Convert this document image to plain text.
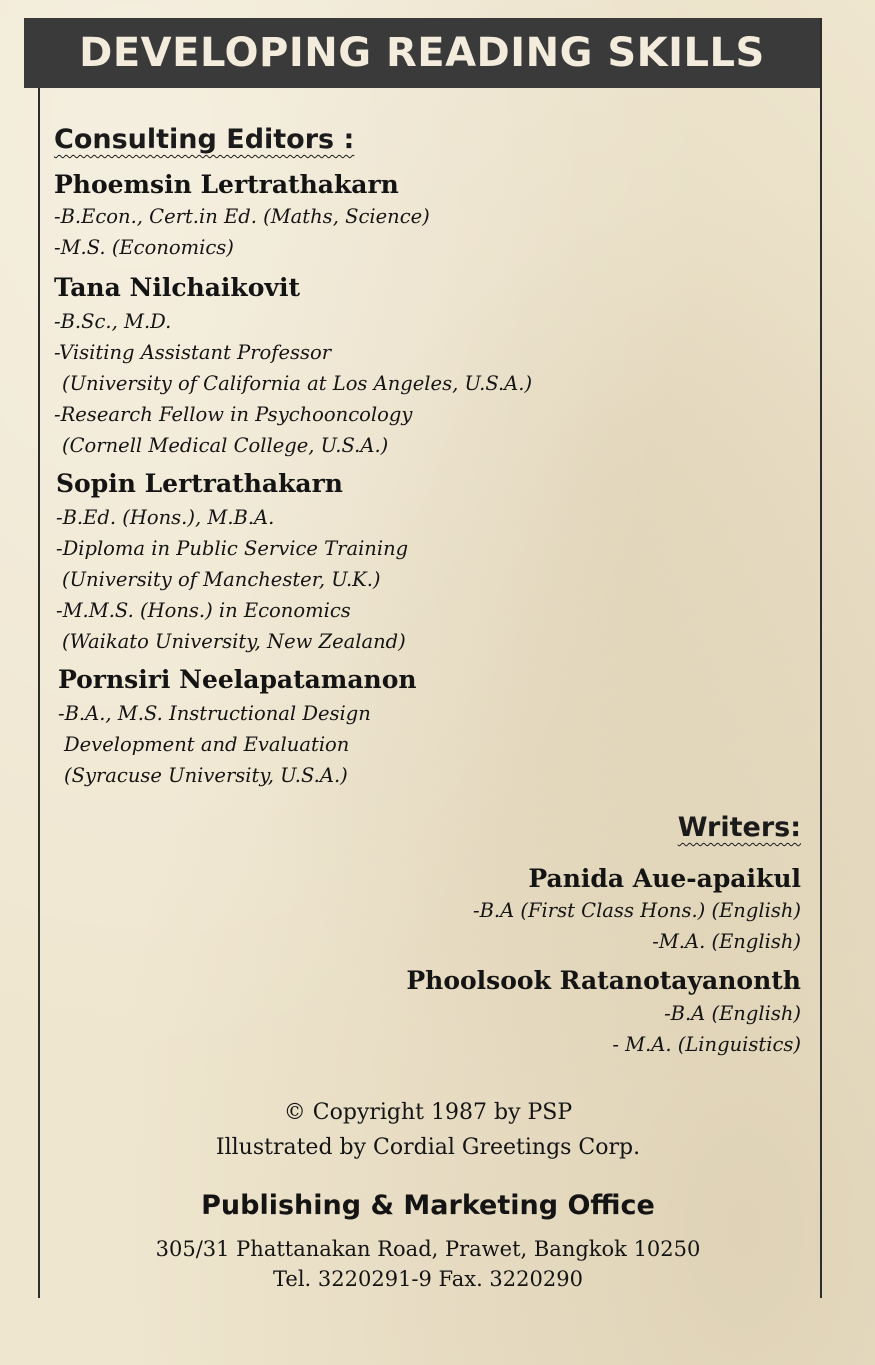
DEVELOPING READING SKILLS
Consulting Editors :
Phoemsin Lertrathakarn
-B.Econ., Cert.in Ed. (Maths, Science)
-M.S. (Economics)
Tana Nilchaikovit
-B.Sc., M.D.
-Visiting Assistant Professor
(University of California at Los Angeles, U.S.A.)
-Research Fellow in Psychooncology
(Cornell Medical College, U.S.A.)
Sopin Lertrathakarn
-B.Ed. (Hons.), M.B.A.
-Diploma in Public Service Training
(University of Manchester, U.K.)
-M.M.S. (Hons.) in Economics
(Waikato University, New Zealand)
Pornsiri Neelapatamanon
-B.A., M.S. Instructional Design
Development and Evaluation
(Syracuse University, U.S.A.)
Writers:
Panida Aue-apaikul
-B.A (First Class Hons.) (English)
-M.A. (English)
Phoolsook Ratanotayanonth
-B.A (English)
- M.A. (Linguistics)
© Copyright 1987 by PSP
Illustrated by Cordial Greetings Corp.
Publishing & Marketing Office
305/31 Phattanakan Road, Prawet, Bangkok 10250
Tel. 3220291-9 Fax. 3220290
